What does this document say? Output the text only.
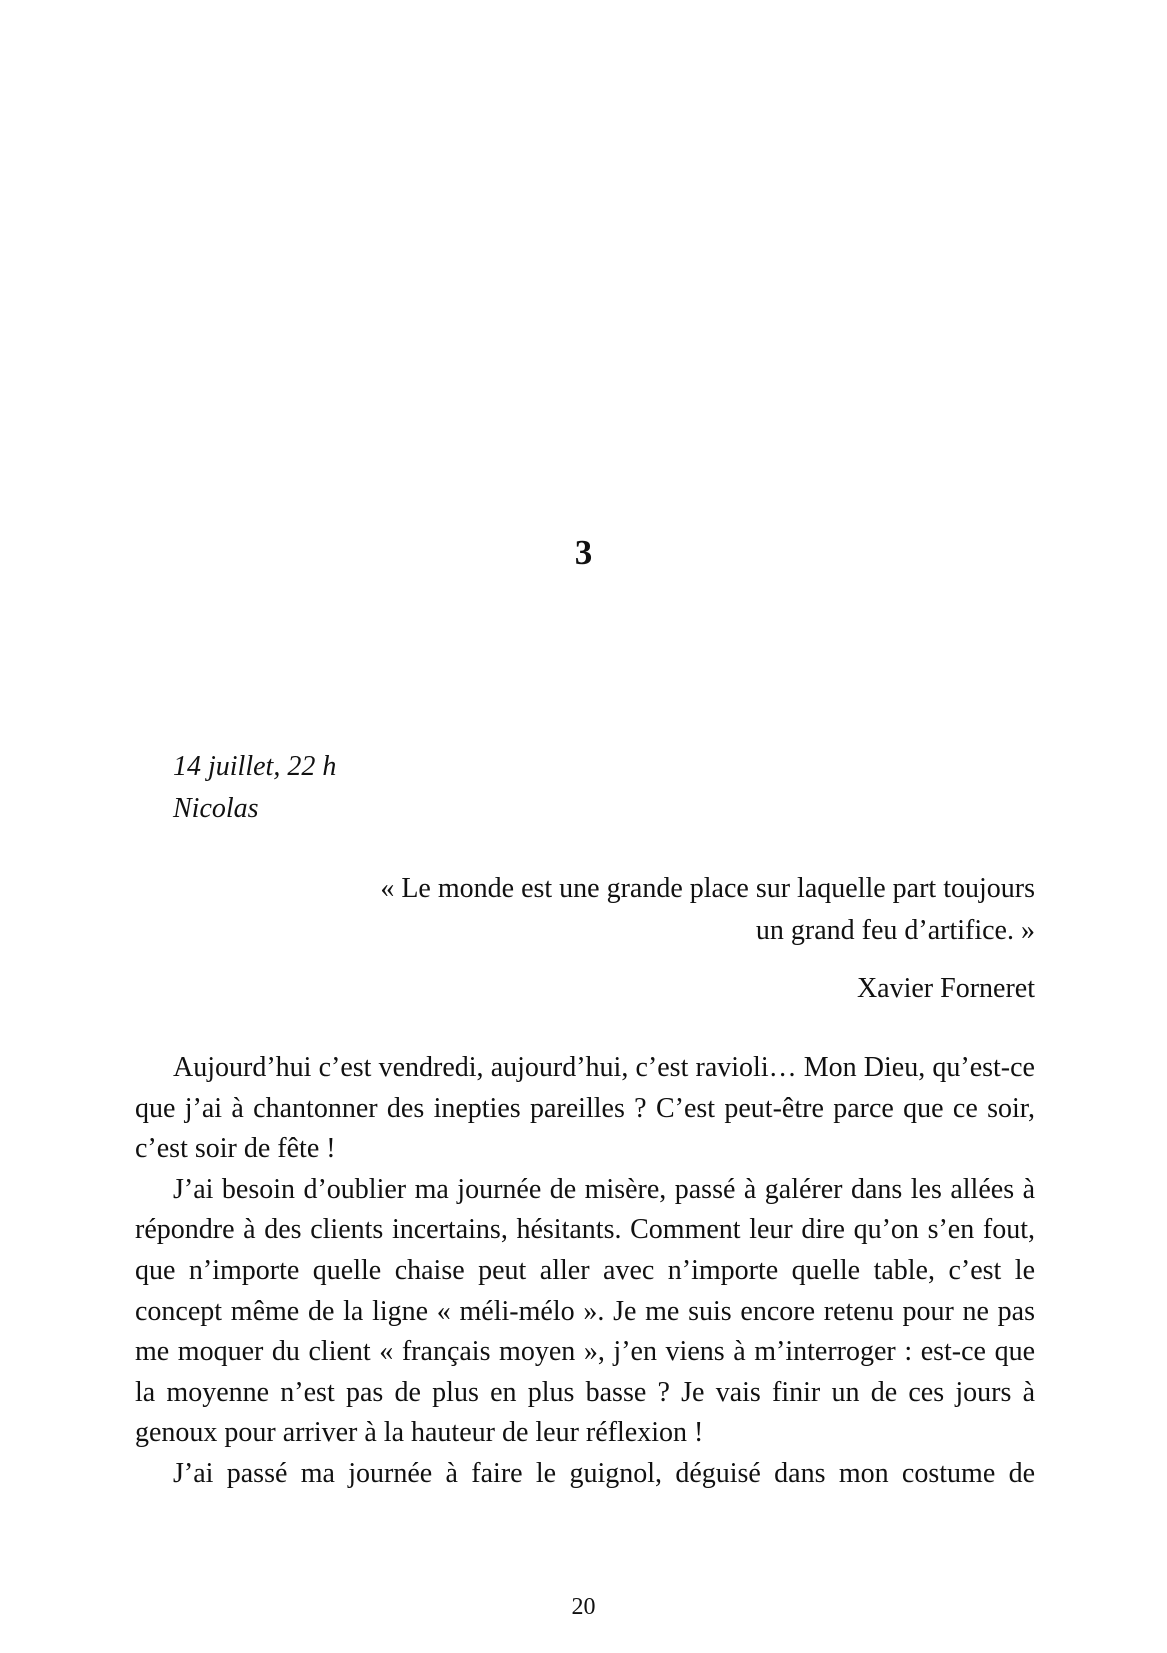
3
14 juillet, 22 h
Nicolas
« Le monde est une grande place sur laquelle part toujours
un grand feu d’artifice. »
Xavier Forneret

Aujourd’hui c’est vendredi, aujourd’hui, c’est ravioli… Mon Dieu, qu’est-ce que j’ai à chantonner des inepties pareilles ? C’est peut-être parce que ce soir, c’est soir de fête !

J’ai besoin d’oublier ma journée de misère, passé à galérer dans les allées à répondre à des clients incertains, hésitants. Comment leur dire qu’on s’en fout, que n’importe quelle chaise peut aller avec n’importe quelle table, c’est le concept même de la ligne « méli-mélo ». Je me suis encore retenu pour ne pas me moquer du client « français moyen », j’en viens à m’interroger : est-ce que la moyenne n’est pas de plus en plus basse ? Je vais finir un de ces jours à genoux pour arriver à la hauteur de leur réflexion !

J’ai passé ma journée à faire le guignol, déguisé dans mon costume de

20
